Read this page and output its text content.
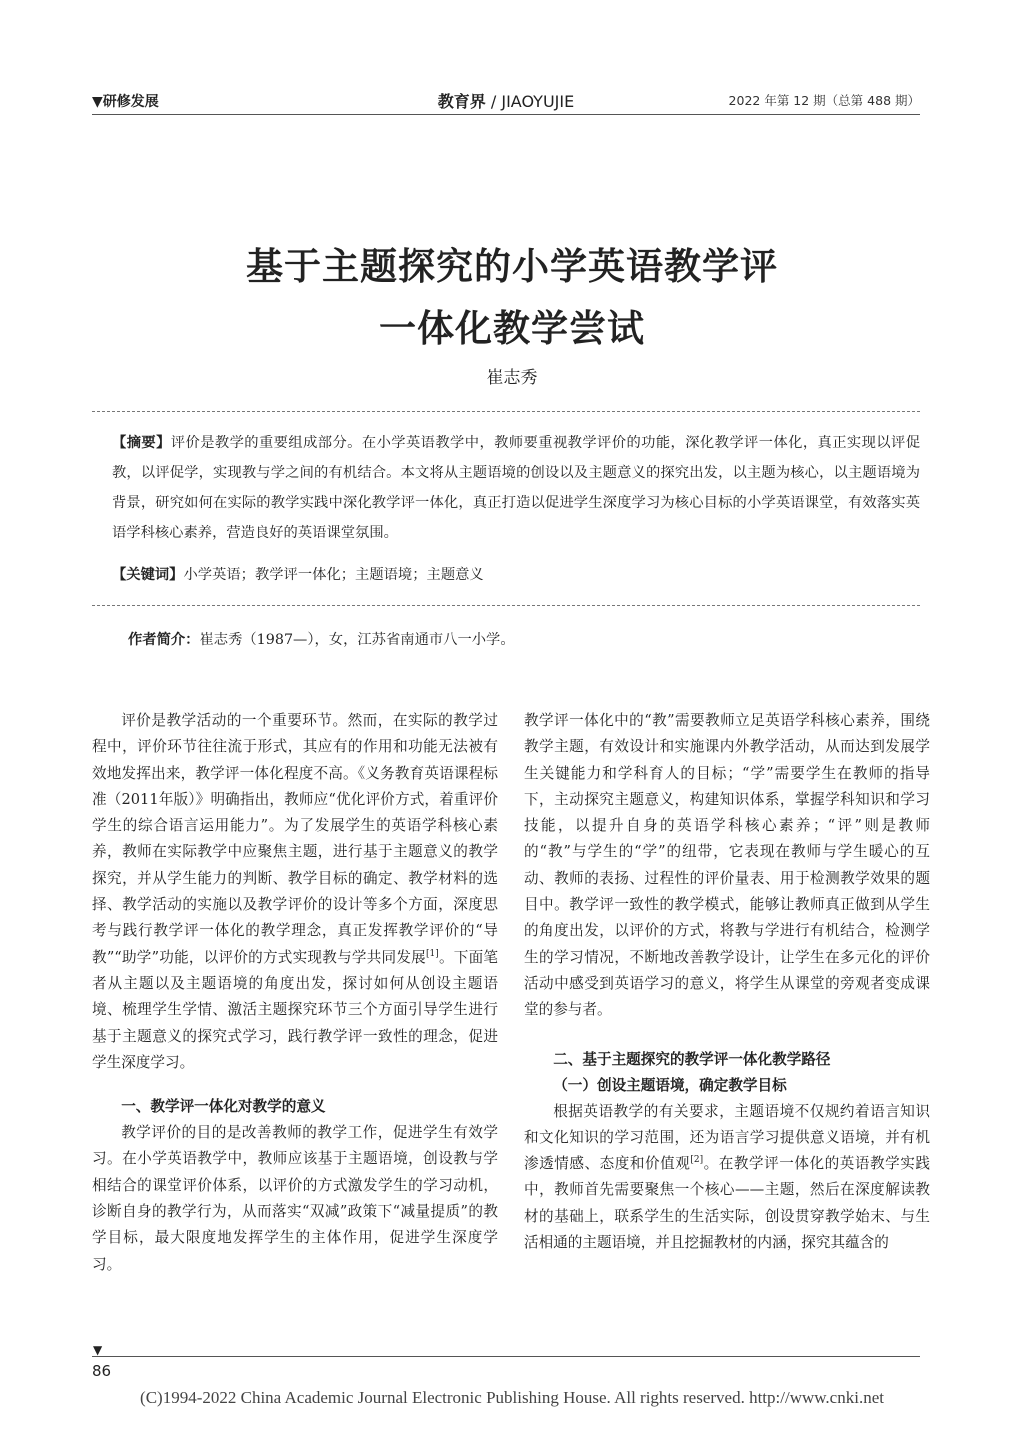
▼研修发展	教育界 / JIAOYUJIE	2022 年第 12 期（总第 488 期）
基于主题探究的小学英语教学评
一体化教学尝试
崔志秀
【摘要】评价是教学的重要组成部分。在小学英语教学中，教师要重视教学评价的功能，深化教学评一体化，真正实现以评促教，以评促学，实现教与学之间的有机结合。本文将从主题语境的创设以及主题意义的探究出发，以主题为核心，以主题语境为背景，研究如何在实际的教学实践中深化教学评一体化，真正打造以促进学生深度学习为核心目标的小学英语课堂，有效落实英语学科核心素养，营造良好的英语课堂氛围。
【关键词】小学英语；教学评一体化；主题语境；主题意义
作者简介：崔志秀（1987—），女，江苏省南通市八一小学。

评价是教学活动的一个重要环节。然而，在实际的教学过程中，评价环节往往流于形式，其应有的作用和功能无法被有效地发挥出来，教学评一体化程度不高。《义务教育英语课程标准（2011年版）》明确指出，教师应“优化评价方式，着重评价学生的综合语言运用能力”。为了发展学生的英语学科核心素养，教师在实际教学中应聚焦主题，进行基于主题意义的教学探究，并从学生能力的判断、教学目标的确定、教学材料的选择、教学活动的实施以及教学评价的设计等多个方面，深度思考与践行教学评一体化的教学理念，真正发挥教学评价的“导教”“助学”功能，以评价的方式实现教与学共同发展[1]。下面笔者从主题以及主题语境的角度出发，探讨如何从创设主题语境、梳理学生学情、激活主题探究环节三个方面引导学生进行基于主题意义的探究式学习，践行教学评一致性的理念，促进学生深度学习。

一、教学评一体化对教学的意义

教学评价的目的是改善教师的教学工作，促进学生有效学习。在小学英语教学中，教师应该基于主题语境，创设教与学相结合的课堂评价体系，以评价的方式激发学生的学习动机，诊断自身的教学行为，从而落实“双减”政策下“减量提质”的教学目标，最大限度地发挥学生的主体作用，促进学生深度学习。

教学评一体化中的“教”需要教师立足英语学科核心素养，围绕教学主题，有效设计和实施课内外教学活动，从而达到发展学生关键能力和学科育人的目标；“学”需要学生在教师的指导下，主动探究主题意义，构建知识体系，掌握学科知识和学习技能，以提升自身的英语学科核心素养；“评”则是教师的“教”与学生的“学”的纽带，它表现在教师与学生暖心的互动、教师的表扬、过程性的评价量表、用于检测教学效果的题目中。教学评一致性的教学模式，能够让教师真正做到从学生的角度出发，以评价的方式，将教与学进行有机结合，检测学生的学习情况，不断地改善教学设计，让学生在多元化的评价活动中感受到英语学习的意义，将学生从课堂的旁观者变成课堂的参与者。

二、基于主题探究的教学评一体化教学路径

（一）创设主题语境，确定教学目标

根据英语教学的有关要求，主题语境不仅规约着语言知识和文化知识的学习范围，还为语言学习提供意义语境，并有机渗透情感、态度和价值观[2]。在教学评一体化的英语教学实践中，教师首先需要聚焦一个核心——主题，然后在深度解读教材的基础上，联系学生的生活实际，创设贯穿教学始末、与生活相通的主题语境，并且挖掘教材的内涵，探究其蕴含的

▼
86
(C)1994-2022 China Academic Journal Electronic Publishing House. All rights reserved. http://www.cnki.net
